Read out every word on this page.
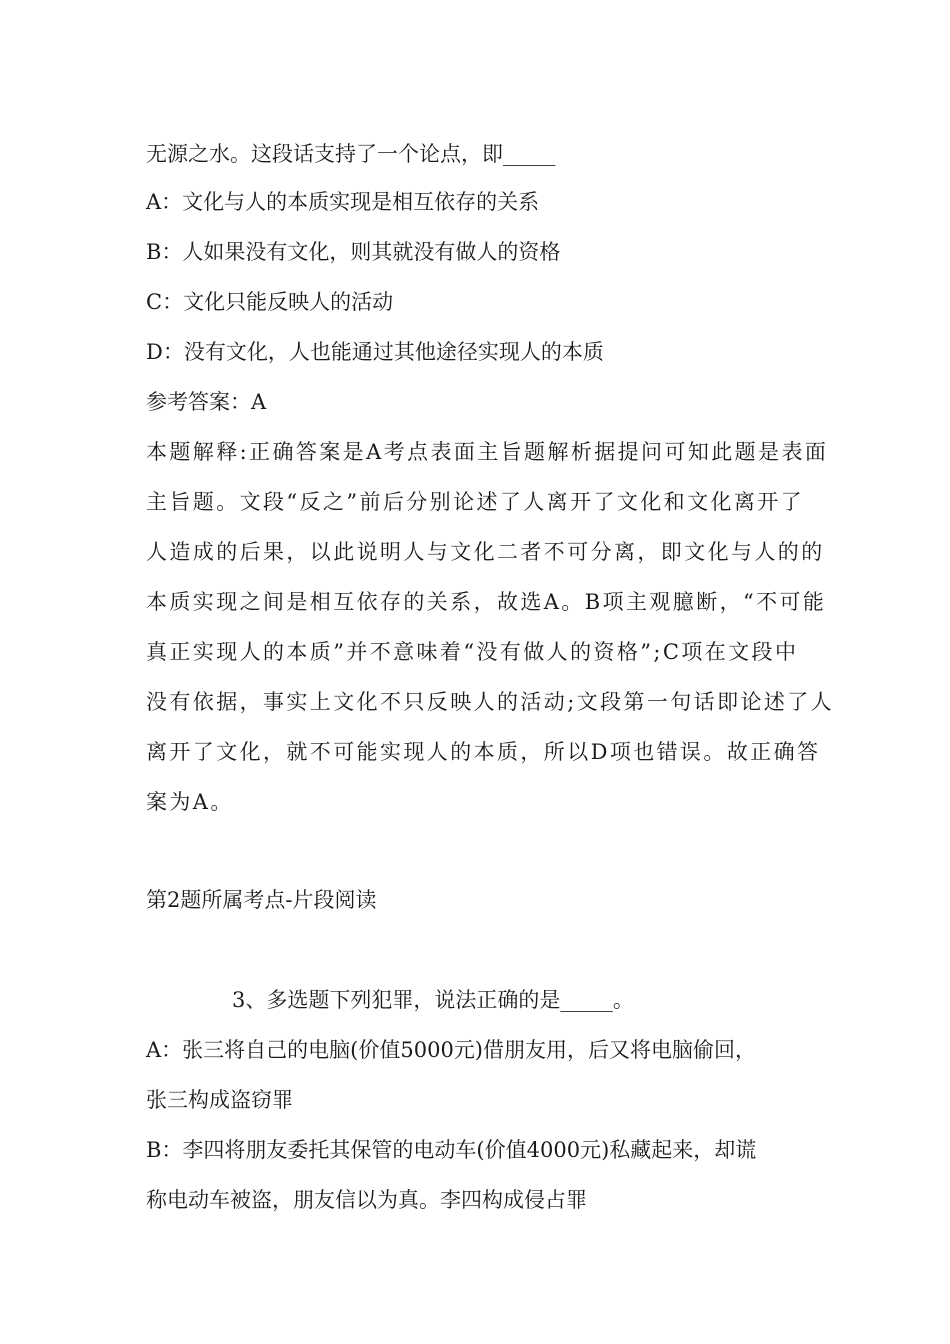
无源之水。这段话支持了一个论点，即_____
A：文化与人的本质实现是相互依存的关系
B：人如果没有文化，则其就没有做人的资格
C：文化只能反映人的活动
D：没有文化，人也能通过其他途径实现人的本质
参考答案：A
本题解释:正确答案是A考点表面主旨题解析据提问可知此题是表面
主旨题。文段“反之”前后分别论述了人离开了文化和文化离开了
人造成的后果，以此说明人与文化二者不可分离，即文化与人的的
本质实现之间是相互依存的关系，故选A。B项主观臆断，“不可能
真正实现人的本质”并不意味着“没有做人的资格”;C项在文段中
没有依据，事实上文化不只反映人的活动;文段第一句话即论述了人
离开了文化，就不可能实现人的本质，所以D项也错误。故正确答
案为A。
第2题所属考点-片段阅读
3、多选题下列犯罪，说法正确的是_____。
A：张三将自己的电脑(价值5000元)借朋友用，后又将电脑偷回，
张三构成盗窃罪
B：李四将朋友委托其保管的电动车(价值4000元)私藏起来，却谎
称电动车被盗，朋友信以为真。李四构成侵占罪
